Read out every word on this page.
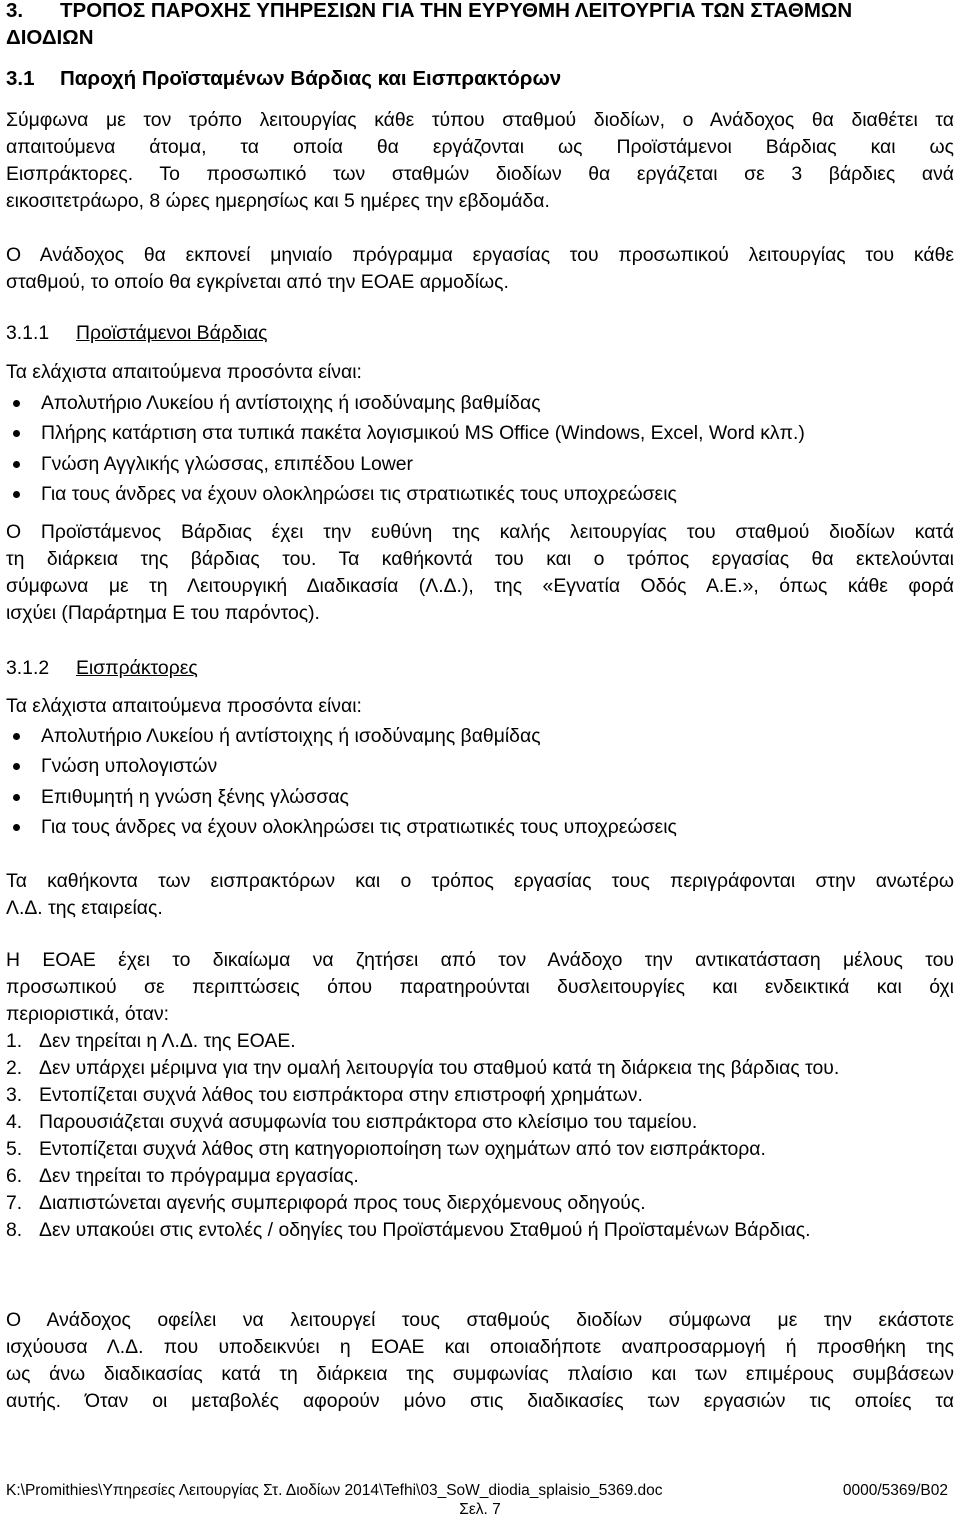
3. ΤΡΟΠΟΣ ΠΑΡΟΧΗΣ ΥΠΗΡΕΣΙΩΝ ΓΙΑ ΤΗΝ ΕΥΡΥΘΜΗ ΛΕΙΤΟΥΡΓΙΑ ΤΩΝ ΣΤΑΘΜΩΝ
ΔΙΟΔΙΩΝ
3.1 Παροχή Προϊσταμένων Βάρδιας και Εισπρακτόρων
Σύμφωνα με τον τρόπο λειτουργίας κάθε τύπου σταθμού διοδίων, ο Ανάδοχος θα διαθέτει τα
απαιτούμενα άτομα, τα οποία θα εργάζονται ως Προϊστάμενοι Βάρδιας και ως
Εισπράκτορες. Το προσωπικό των σταθμών διοδίων θα εργάζεται σε 3 βάρδιες ανά
εικοσιτετράωρο, 8 ώρες ημερησίως και 5 ημέρες την εβδομάδα.
Ο Ανάδοχος θα εκπονεί μηνιαίο πρόγραμμα εργασίας του προσωπικού λειτουργίας του κάθε
σταθμού, το οποίο θα εγκρίνεται από την ΕΟΑΕ αρμοδίως.
3.1.1 Προϊστάμενοι Βάρδιας
Τα ελάχιστα απαιτούμενα προσόντα είναι:
Απολυτήριο Λυκείου ή αντίστοιχης ή ισοδύναμης βαθμίδας
Πλήρης κατάρτιση στα τυπικά πακέτα λογισμικού MS Office (Windows, Excel, Word κλπ.)
Γνώση Αγγλικής γλώσσας, επιπέδου Lower
Για τους άνδρες να έχουν ολοκληρώσει τις στρατιωτικές τους υποχρεώσεις
Ο Προϊστάμενος Βάρδιας έχει την ευθύνη της καλής λειτουργίας του σταθμού διοδίων κατά
τη διάρκεια της βάρδιας του. Τα καθήκοντά του και ο τρόπος εργασίας θα εκτελούνται
σύμφωνα με τη Λειτουργική Διαδικασία (Λ.Δ.), της «Εγνατία Οδός Α.Ε.», όπως κάθε φορά
ισχύει (Παράρτημα Ε του παρόντος).
3.1.2 Εισπράκτορες
Τα ελάχιστα απαιτούμενα προσόντα είναι:
Απολυτήριο Λυκείου ή αντίστοιχης ή ισοδύναμης βαθμίδας
Γνώση υπολογιστών
Επιθυμητή η γνώση ξένης γλώσσας
Για τους άνδρες να έχουν ολοκληρώσει τις στρατιωτικές τους υποχρεώσεις
Τα καθήκοντα των εισπρακτόρων και ο τρόπος εργασίας τους περιγράφονται στην ανωτέρω
Λ.Δ. της εταιρείας.
Η ΕΟΑΕ έχει το δικαίωμα να ζητήσει από τον Ανάδοχο την αντικατάσταση μέλους του
προσωπικού σε περιπτώσεις όπου παρατηρούνται δυσλειτουργίες και ενδεικτικά και όχι
περιοριστικά, όταν:
1. Δεν τηρείται η Λ.Δ. της ΕΟΑΕ.
2. Δεν υπάρχει μέριμνα για την ομαλή λειτουργία του σταθμού κατά τη διάρκεια της βάρδιας του.
3. Εντοπίζεται συχνά λάθος του εισπράκτορα στην επιστροφή χρημάτων.
4. Παρουσιάζεται συχνά ασυμφωνία του εισπράκτορα στο κλείσιμο του ταμείου.
5. Εντοπίζεται συχνά λάθος στη κατηγοριοποίηση των οχημάτων από τον εισπράκτορα.
6. Δεν τηρείται το πρόγραμμα εργασίας.
7. Διαπιστώνεται αγενής συμπεριφορά προς τους διερχόμενους οδηγούς.
8. Δεν υπακούει στις εντολές / οδηγίες του Προϊστάμενου Σταθμού ή Προϊσταμένων Βάρδιας.
Ο Ανάδοχος οφείλει να λειτουργεί τους σταθμούς διοδίων σύμφωνα με την εκάστοτε
ισχύουσα Λ.Δ. που υποδεικνύει η ΕΟΑΕ και οποιαδήποτε αναπροσαρμογή ή προσθήκη της
ως άνω διαδικασίας κατά τη διάρκεια της συμφωνίας πλαίσιο και των επιμέρους συμβάσεων
αυτής. Όταν οι μεταβολές αφορούν μόνο στις διαδικασίες των εργασιών τις οποίες τα
K:\Promithies\Υπηρεσίες Λειτουργίας Στ. Διοδίων 2014\Tefhi\03_SoW_diodia_splaisio_5369.doc	0000/5369/Β02
Σελ. 7
